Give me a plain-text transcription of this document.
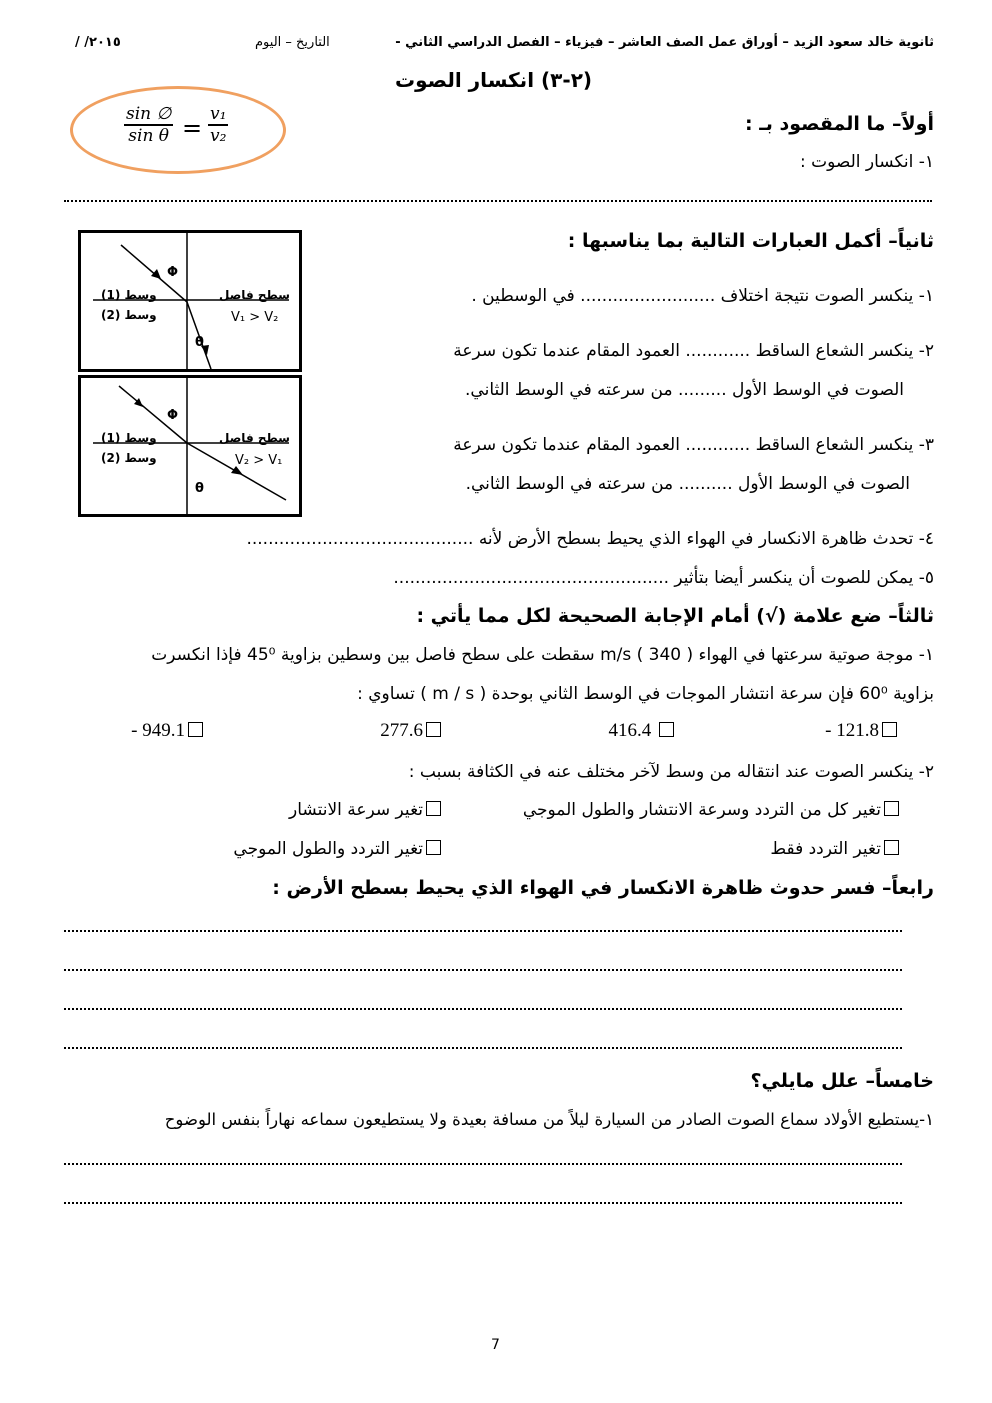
ثانوية خالد سعود الزيد – أوراق عمل الصف العاشر – فيزياء – الفصل الدراسي الثاني -
التاريخ – اليوم
/ /٢٠١٥
(٢-٣) انكسار الصوت
$\frac{\sin \emptyset}{\text{sin θ}} = \frac{\text{v₁}}{\text{v₂}}$	أولاً– ما المقصود بـ :
١- انكسار الصوت :
ثانياً– أكمل العبارات التالية بما يناسبها :
١- ينكسر الصوت نتيجة اختلاف ......................... في الوسطين .
٢- ينكسر الشعاع الساقط ............ العمود المقام عندما تكون سرعة
الصوت في الوسط الأول ......... من سرعته في الوسط الثاني.
٣- ينكسر الشعاع الساقط ............ العمود المقام عندما تكون سرعة
الصوت في الوسط الأول .......... من سرعته في الوسط الثاني.
٤- تحدث ظاهرة الانكسار في الهواء الذي يحيط بسطح الأرض لأنه ..........................................
٥- يمكن للصوت أن ينكسر أيضا بتأثير ...................................................
Φ
وسط (1)
وسط (2)
سطح فاصل
V₁ > V₂
θ
Φ
وسط (1)
وسط (2)
سطح فاصل
V₂ > V₁
θ
ثالثاً– ضع علامة (√) أمام الإجابة الصحيحة لكل مما يأتي :
١- موجة صوتية سرعتها في الهواء m/s ( 340 ) سقطت على سطح فاصل بين وسطين بزاوية 45⁰ فإذا انكسرت
بزاوية 60⁰ فإن سرعة انتشار الموجات في الوسط الثاني بوحدة ( m / s ) تساوي :
121.8 -
416.4
277.6
949.1 -
٢- ينكسر الصوت عند انتقاله من وسط لآخر مختلف عنه في الكثافة بسبب :
تغير كل من التردد وسرعة الانتشار والطول الموجي
تغير سرعة الانتشار
تغير التردد فقط
تغير التردد والطول الموجي
رابعاً– فسر حدوث ظاهرة الانكسار في الهواء الذي يحيط بسطح الأرض :
خامساً– علل مايلي؟
١-يستطيع الأولاد سماع الصوت الصادر من السيارة ليلاً من مسافة بعيدة ولا يستطيعون سماعه نهاراً بنفس الوضوح
7
